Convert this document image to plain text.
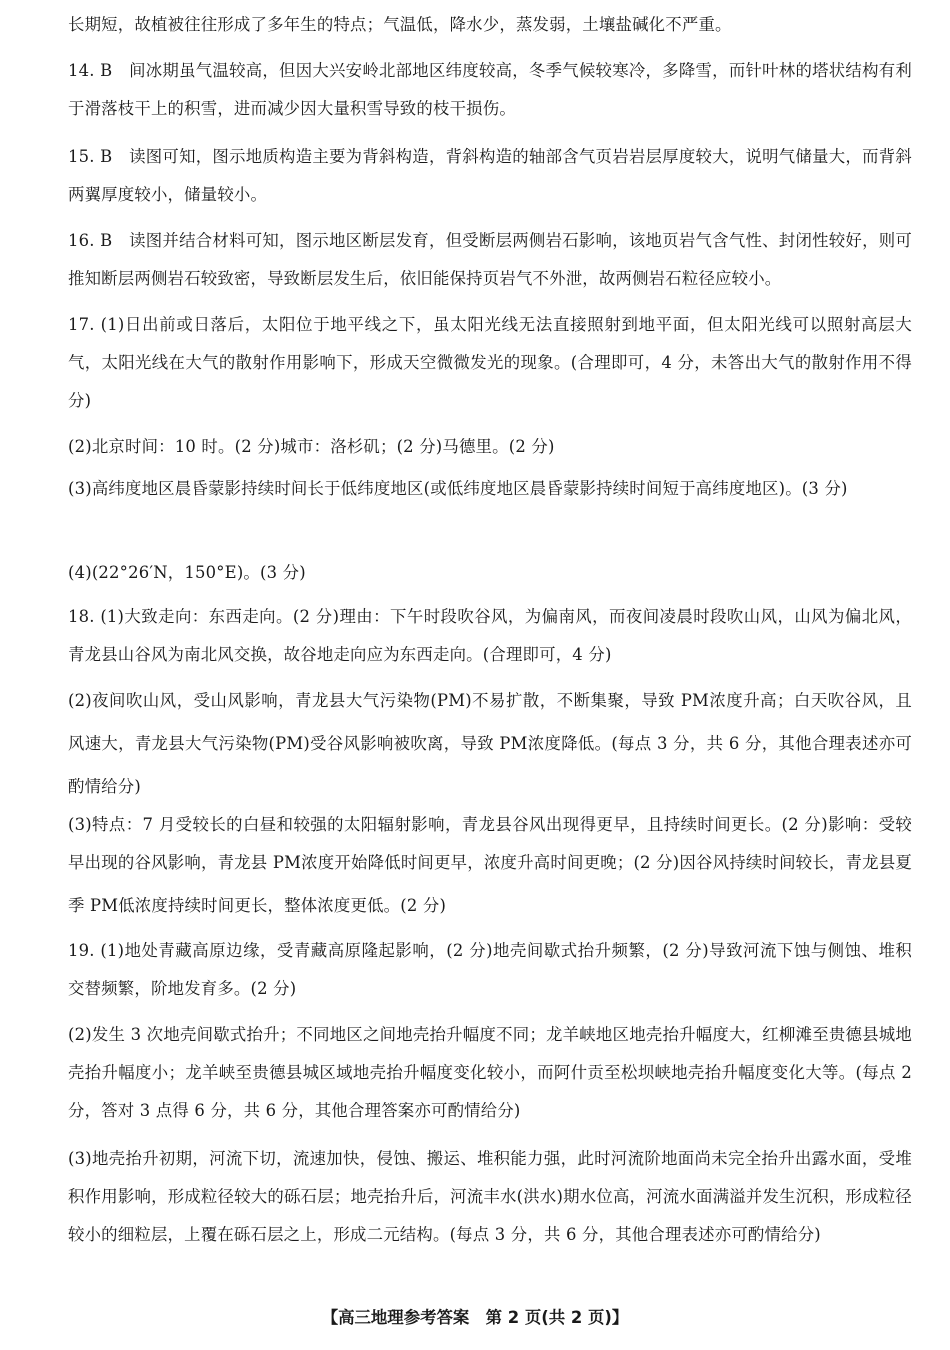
长期短，故植被往往形成了多年生的特点；气温低，降水少，蒸发弱，土壤盐碱化不严重。
14. B　间冰期虽气温较高，但因大兴安岭北部地区纬度较高，冬季气候较寒冷，多降雪，而针叶林的塔状结构有利于滑落枝干上的积雪，进而减少因大量积雪导致的枝干损伤。
15. B　读图可知，图示地质构造主要为背斜构造，背斜构造的轴部含气页岩岩层厚度较大，说明气储量大，而背斜两翼厚度较小，储量较小。
16. B　读图并结合材料可知，图示地区断层发育，但受断层两侧岩石影响，该地页岩气含气性、封闭性较好，则可推知断层两侧岩石较致密，导致断层发生后，依旧能保持页岩气不外泄，故两侧岩石粒径应较小。
17. (1)日出前或日落后，太阳位于地平线之下，虽太阳光线无法直接照射到地平面，但太阳光线可以照射高层大气，太阳光线在大气的散射作用影响下，形成天空微微发光的现象。(合理即可，4 分，未答出大气的散射作用不得分)
(2)北京时间：10 时。(2 分)城市：洛杉矶；(2 分)马德里。(2 分)
(3)高纬度地区晨昏蒙影持续时间长于低纬度地区(或低纬度地区晨昏蒙影持续时间短于高纬度地区)。(3 分)
(4)(22°26′N，150°E)。(3 分)
18. (1)大致走向：东西走向。(2 分)理由：下午时段吹谷风，为偏南风，而夜间凌晨时段吹山风，山风为偏北风，青龙县山谷风为南北风交换，故谷地走向应为东西走向。(合理即可，4 分)
(2)夜间吹山风，受山风影响，青龙县大气污染物(PM)不易扩散，不断集聚，导致 PM浓度升高；白天吹谷风，且风速大，青龙县大气污染物(PM)受谷风影响被吹离，导致 PM浓度降低。(每点 3 分，共 6 分，其他合理表述亦可酌情给分)
(3)特点：7 月受较长的白昼和较强的太阳辐射影响，青龙县谷风出现得更早，且持续时间更长。(2 分)影响：受较早出现的谷风影响，青龙县 PM浓度开始降低时间更早，浓度升高时间更晚；(2 分)因谷风持续时间较长，青龙县夏季 PM低浓度持续时间更长，整体浓度更低。(2 分)
19. (1)地处青藏高原边缘，受青藏高原隆起影响，(2 分)地壳间歇式抬升频繁，(2 分)导致河流下蚀与侧蚀、堆积交替频繁，阶地发育多。(2 分)
(2)发生 3 次地壳间歇式抬升；不同地区之间地壳抬升幅度不同；龙羊峡地区地壳抬升幅度大，红柳滩至贵德县城地壳抬升幅度小；龙羊峡至贵德县城区域地壳抬升幅度变化较小，而阿什贡至松坝峡地壳抬升幅度变化大等。(每点 2 分，答对 3 点得 6 分，共 6 分，其他合理答案亦可酌情给分)
(3)地壳抬升初期，河流下切，流速加快，侵蚀、搬运、堆积能力强，此时河流阶地面尚未完全抬升出露水面，受堆积作用影响，形成粒径较大的砾石层；地壳抬升后，河流丰水(洪水)期水位高，河流水面满溢并发生沉积，形成粒径较小的细粒层，上覆在砾石层之上，形成二元结构。(每点 3 分，共 6 分，其他合理表述亦可酌情给分)
【高三地理参考答案　第 2 页(共 2 页)】
